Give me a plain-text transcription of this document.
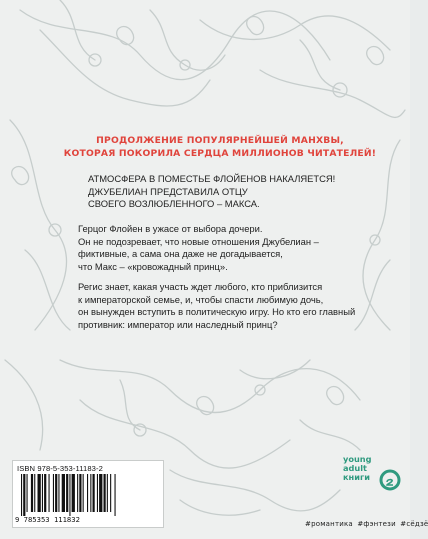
ПРОДОЛЖЕНИЕ ПОПУЛЯРНЕЙШЕЙ МАНХВЫ,
КОТОРАЯ ПОКОРИЛА СЕРДЦА МИЛЛИОНОВ ЧИТАТЕЛЕЙ!
АТМОСФЕРА В ПОМЕСТЬЕ ФЛОЙЕНОВ НАКАЛЯЕТСЯ!
ДЖУБЕЛИАН ПРЕДСТАВИЛА ОТЦУ
СВОЕГО ВОЗЛЮБЛЕННОГО – МАКСА.
Герцог Флойен в ужасе от выбора дочери.
Он не подозревает, что новые отношения Джубелиан –
фиктивные, а сама она даже не догадывается,
что Макс – «кровожадный принц».
Регис знает, какая участь ждет любого, кто приблизится
к императорской семье, и, чтобы спасти любимую дочь,
он вынужден вступить в политическую игру. Но кто его главный
противник: император или наследный принц?
ISBN 978-5-353-11183-2
9 785353 111832
young
adult
книги
#романтика #фэнтези #сёдзё
